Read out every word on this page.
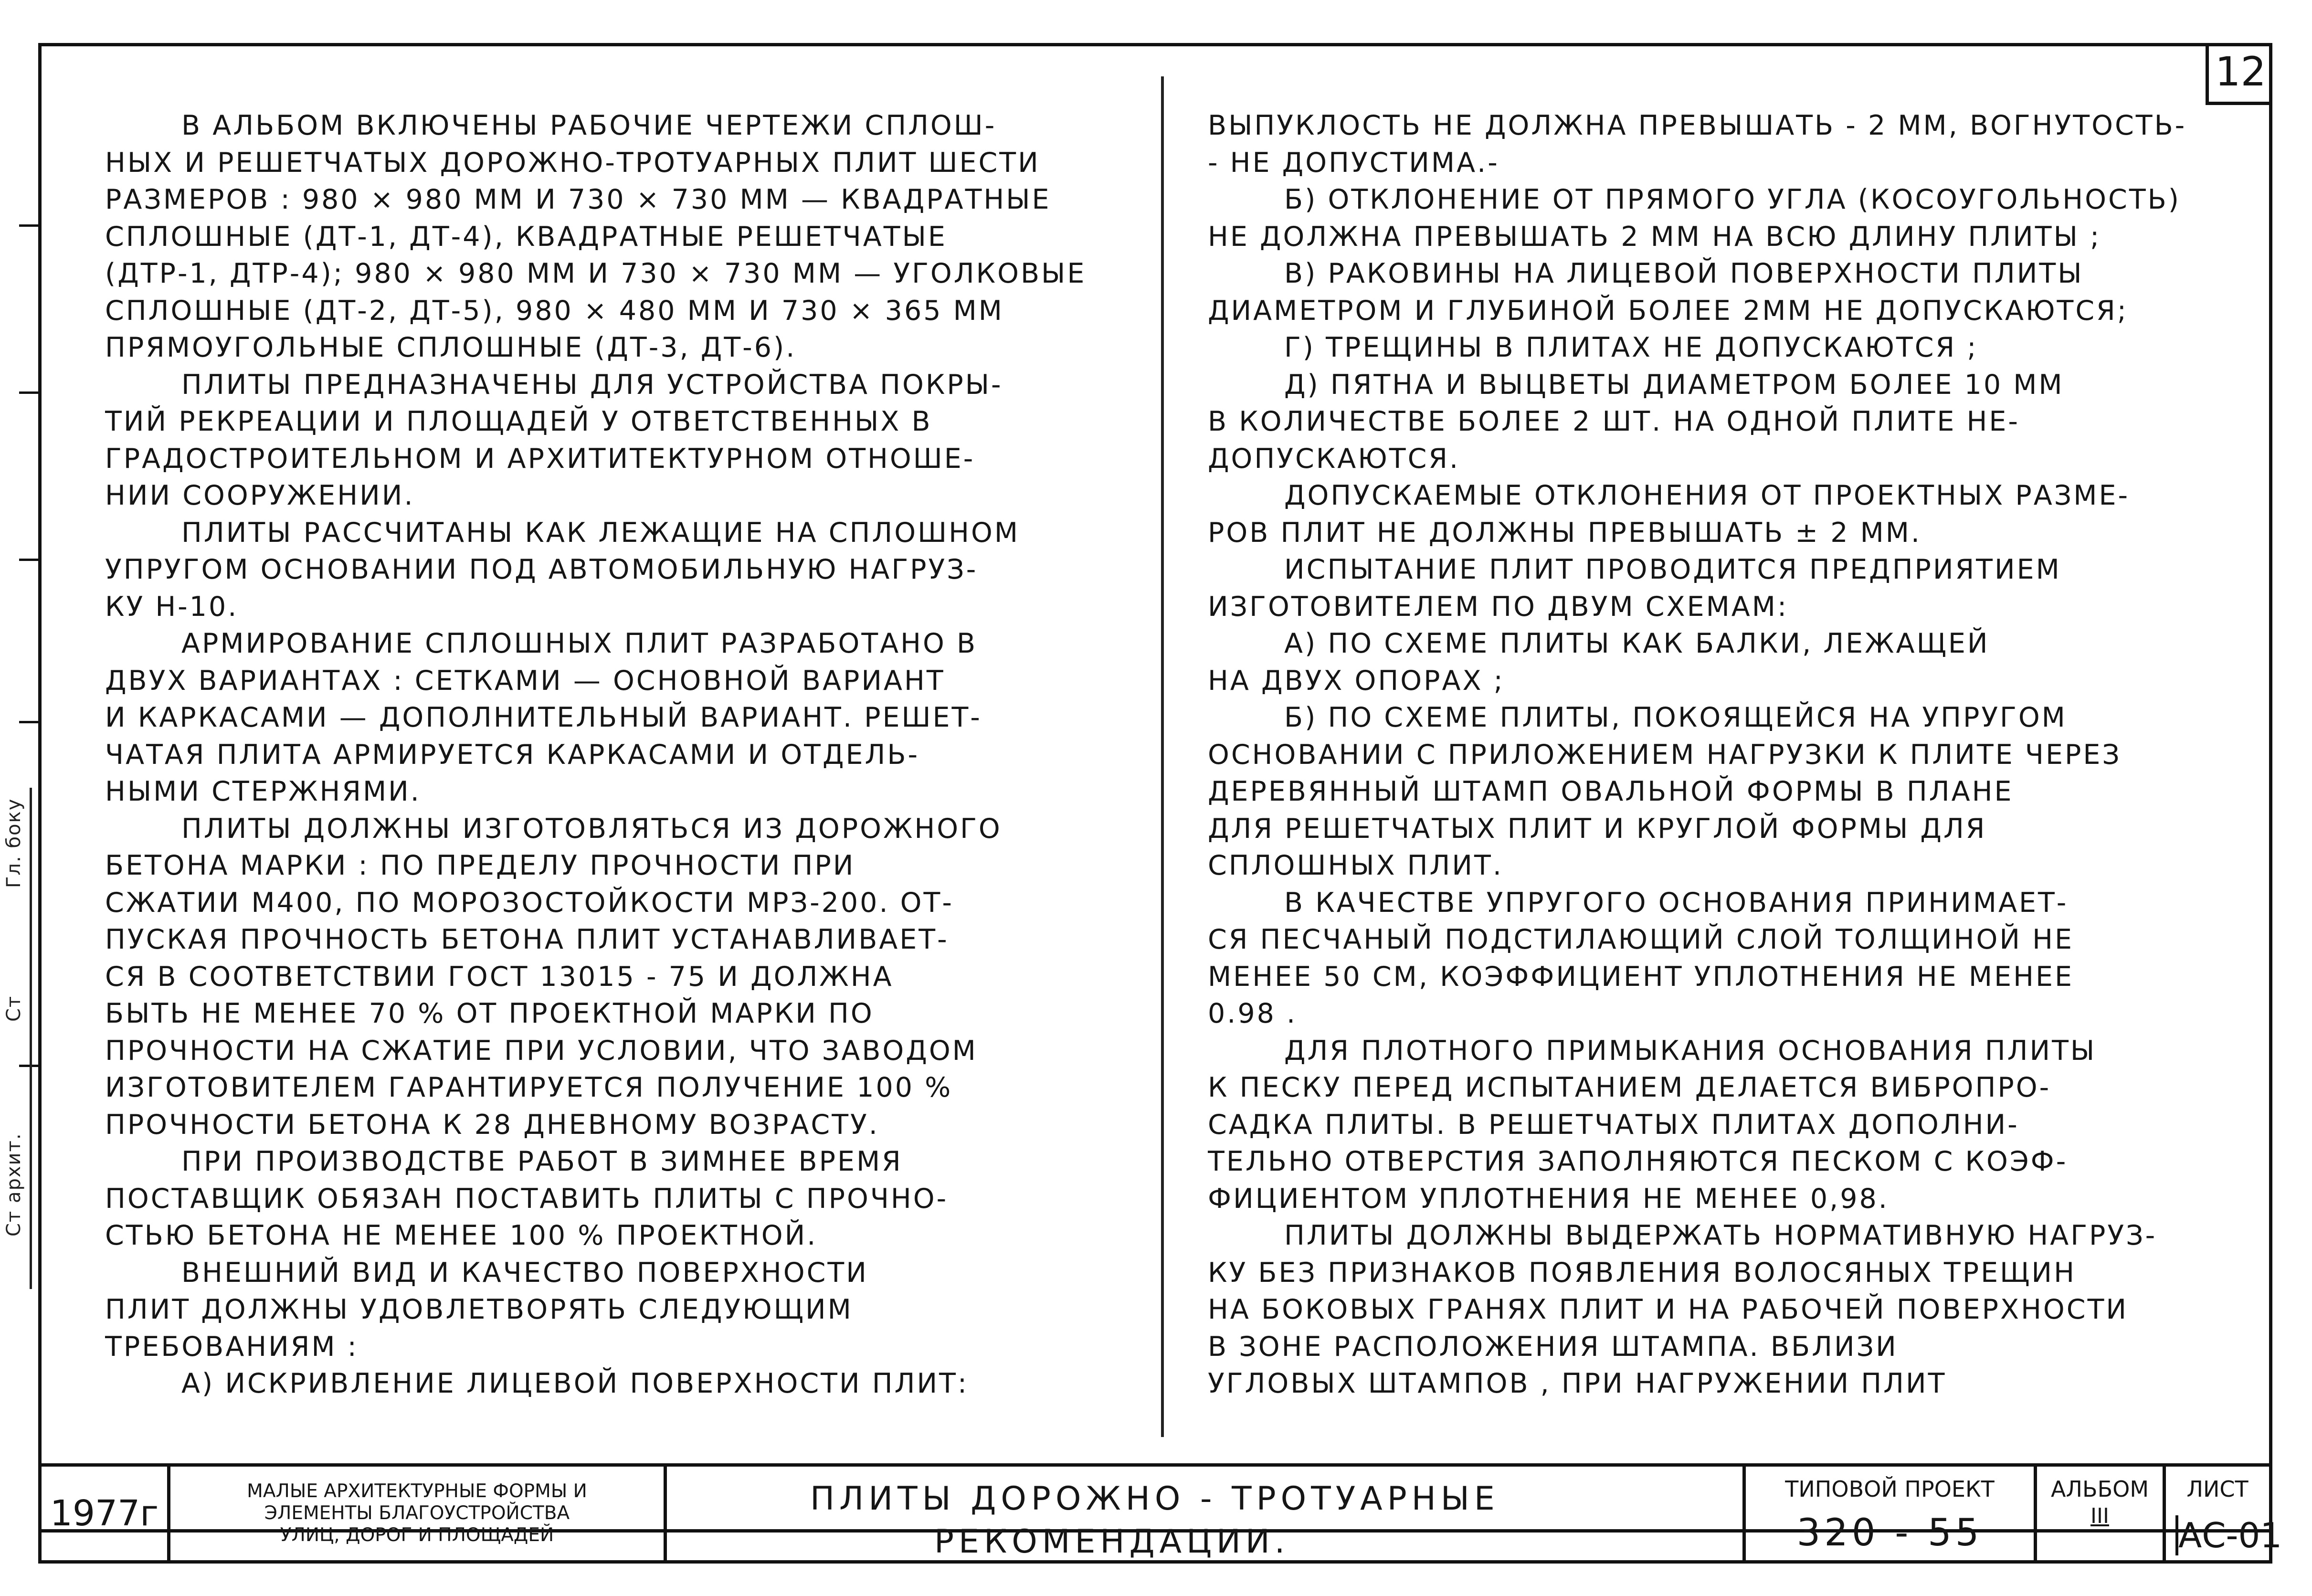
12
Гл. боку
Ст
Ст архит.
В АЛЬБОМ ВКЛЮЧЕНЫ РАБОЧИЕ ЧЕРТЕЖИ СПЛОШ-
НЫХ И РЕШЕТЧАТЫХ ДОРОЖНО-ТРОТУАРНЫХ ПЛИТ ШЕСТИ
РАЗМЕРОВ : 980 × 980 ММ И 730 × 730 ММ — КВАДРАТНЫЕ
СПЛОШНЫЕ (ДТ-1, ДТ-4), КВАДРАТНЫЕ РЕШЕТЧАТЫЕ
(ДТР-1, ДТР-4); 980 × 980 ММ И 730 × 730 ММ — УГОЛКОВЫЕ
СПЛОШНЫЕ (ДТ-2, ДТ-5), 980 × 480 ММ И 730 × 365 ММ
ПРЯМОУГОЛЬНЫЕ СПЛОШНЫЕ (ДТ-3, ДТ-6).
ПЛИТЫ ПРЕДНАЗНАЧЕНЫ ДЛЯ УСТРОЙСТВА ПОКРЫ-
ТИЙ РЕКРЕАЦИИ И ПЛОЩАДЕЙ У ОТВЕТСТВЕННЫХ В
ГРАДОСТРОИТЕЛЬНОМ И АРХИТИТЕКТУРНОМ ОТНОШЕ-
НИИ СООРУЖЕНИИ.
ПЛИТЫ РАССЧИТАНЫ КАК ЛЕЖАЩИЕ НА СПЛОШНОМ
УПРУГОМ ОСНОВАНИИ ПОД АВТОМОБИЛЬНУЮ НАГРУЗ-
КУ Н-10.
АРМИРОВАНИЕ СПЛОШНЫХ ПЛИТ РАЗРАБОТАНО В
ДВУХ ВАРИАНТАХ : СЕТКАМИ — ОСНОВНОЙ ВАРИАНТ
И КАРКАСАМИ — ДОПОЛНИТЕЛЬНЫЙ ВАРИАНТ. РЕШЕТ-
ЧАТАЯ ПЛИТА АРМИРУЕТСЯ КАРКАСАМИ И ОТДЕЛЬ-
НЫМИ СТЕРЖНЯМИ.
ПЛИТЫ ДОЛЖНЫ ИЗГОТОВЛЯТЬСЯ ИЗ ДОРОЖНОГО
БЕТОНА МАРКИ : ПО ПРЕДЕЛУ ПРОЧНОСТИ ПРИ
СЖАТИИ М400, ПО МОРОЗОСТОЙКОСТИ МРЗ-200. ОТ-
ПУСКАЯ ПРОЧНОСТЬ БЕТОНА ПЛИТ УСТАНАВЛИВАЕТ-
СЯ В СООТВЕТСТВИИ ГОСТ 13015 - 75 И ДОЛЖНА
БЫТЬ НЕ МЕНЕЕ 70 % ОТ ПРОЕКТНОЙ МАРКИ ПО
ПРОЧНОСТИ НА СЖАТИЕ ПРИ УСЛОВИИ, ЧТО ЗАВОДОМ
ИЗГОТОВИТЕЛЕМ ГАРАНТИРУЕТСЯ ПОЛУЧЕНИЕ 100 %
ПРОЧНОСТИ БЕТОНА К 28 ДНЕВНОМУ ВОЗРАСТУ.
ПРИ ПРОИЗВОДСТВЕ РАБОТ В ЗИМНЕЕ ВРЕМЯ
ПОСТАВЩИК ОБЯЗАН ПОСТАВИТЬ ПЛИТЫ С ПРОЧНО-
СТЬЮ БЕТОНА НЕ МЕНЕЕ 100 % ПРОЕКТНОЙ.
ВНЕШНИЙ ВИД И КАЧЕСТВО ПОВЕРХНОСТИ
ПЛИТ ДОЛЖНЫ УДОВЛЕТВОРЯТЬ СЛЕДУЮЩИМ
ТРЕБОВАНИЯМ :
А) ИСКРИВЛЕНИЕ ЛИЦЕВОЙ ПОВЕРХНОСТИ ПЛИТ:
ВЫПУКЛОСТЬ НЕ ДОЛЖНА ПРЕВЫШАТЬ - 2 ММ, ВОГНУТОСТЬ-
- НЕ ДОПУСТИМА.-
Б) ОТКЛОНЕНИЕ ОТ ПРЯМОГО УГЛА (КОСОУГОЛЬНОСТЬ)
НЕ ДОЛЖНА ПРЕВЫШАТЬ 2 ММ НА ВСЮ ДЛИНУ ПЛИТЫ ;
В) РАКОВИНЫ НА ЛИЦЕВОЙ ПОВЕРХНОСТИ ПЛИТЫ
ДИАМЕТРОМ И ГЛУБИНОЙ БОЛЕЕ 2ММ НЕ ДОПУСКАЮТСЯ;
Г) ТРЕЩИНЫ В ПЛИТАХ НЕ ДОПУСКАЮТСЯ ;
Д) ПЯТНА И ВЫЦВЕТЫ ДИАМЕТРОМ БОЛЕЕ 10 ММ
В КОЛИЧЕСТВЕ БОЛЕЕ 2 ШТ. НА ОДНОЙ ПЛИТЕ НЕ-
ДОПУСКАЮТСЯ.
ДОПУСКАЕМЫЕ ОТКЛОНЕНИЯ ОТ ПРОЕКТНЫХ РАЗМЕ-
РОВ ПЛИТ НЕ ДОЛЖНЫ ПРЕВЫШАТЬ ± 2 ММ.
ИСПЫТАНИЕ ПЛИТ ПРОВОДИТСЯ ПРЕДПРИЯТИЕМ
ИЗГОТОВИТЕЛЕМ ПО ДВУМ СХЕМАМ:
А) ПО СХЕМЕ ПЛИТЫ КАК БАЛКИ, ЛЕЖАЩЕЙ
НА ДВУХ ОПОРАХ ;
Б) ПО СХЕМЕ ПЛИТЫ, ПОКОЯЩЕЙСЯ НА УПРУГОМ
ОСНОВАНИИ С ПРИЛОЖЕНИЕМ НАГРУЗКИ К ПЛИТЕ ЧЕРЕЗ
ДЕРЕВЯННЫЙ ШТАМП ОВАЛЬНОЙ ФОРМЫ В ПЛАНЕ
ДЛЯ РЕШЕТЧАТЫХ ПЛИТ И КРУГЛОЙ ФОРМЫ ДЛЯ
СПЛОШНЫХ ПЛИТ.
В КАЧЕСТВЕ УПРУГОГО ОСНОВАНИЯ ПРИНИМАЕТ-
СЯ ПЕСЧАНЫЙ ПОДСТИЛАЮЩИЙ СЛОЙ ТОЛЩИНОЙ НЕ
МЕНЕЕ 50 СМ, КОЭФФИЦИЕНТ УПЛОТНЕНИЯ НЕ МЕНЕЕ
0.98 .
ДЛЯ ПЛОТНОГО ПРИМЫКАНИЯ ОСНОВАНИЯ ПЛИТЫ
К ПЕСКУ ПЕРЕД ИСПЫТАНИЕМ ДЕЛАЕТСЯ ВИБРОПРО-
САДКА ПЛИТЫ. В РЕШЕТЧАТЫХ ПЛИТАХ ДОПОЛНИ-
ТЕЛЬНО ОТВЕРСТИЯ ЗАПОЛНЯЮТСЯ ПЕСКОМ С КОЭФ-
ФИЦИЕНТОМ УПЛОТНЕНИЯ НЕ МЕНЕЕ 0,98.
ПЛИТЫ ДОЛЖНЫ ВЫДЕРЖАТЬ НОРМАТИВНУЮ НАГРУЗ-
КУ БЕЗ ПРИЗНАКОВ ПОЯВЛЕНИЯ ВОЛОСЯНЫХ ТРЕЩИН
НА БОКОВЫХ ГРАНЯХ ПЛИТ И НА РАБОЧЕЙ ПОВЕРХНОСТИ
В ЗОНЕ РАСПОЛОЖЕНИЯ ШТАМПА. ВБЛИЗИ
УГЛОВЫХ ШТАМПОВ , ПРИ НАГРУЖЕНИИ ПЛИТ
1977г
МАЛЫЕ АРХИТЕКТУРНЫЕ ФОРМЫ И
ЭЛЕМЕНТЫ БЛАГОУСТРОЙСТВА
УЛИЦ, ДОРОГ И ПЛОЩАДЕЙ
ПЛИТЫ ДОРОЖНО - ТРОТУАРНЫЕ
РЕКОМЕНДАЦИИ.
ТИПОВОЙ ПРОЕКТ
320 - 55
АЛЬБОМ
III
ЛИСТ
АС-01
